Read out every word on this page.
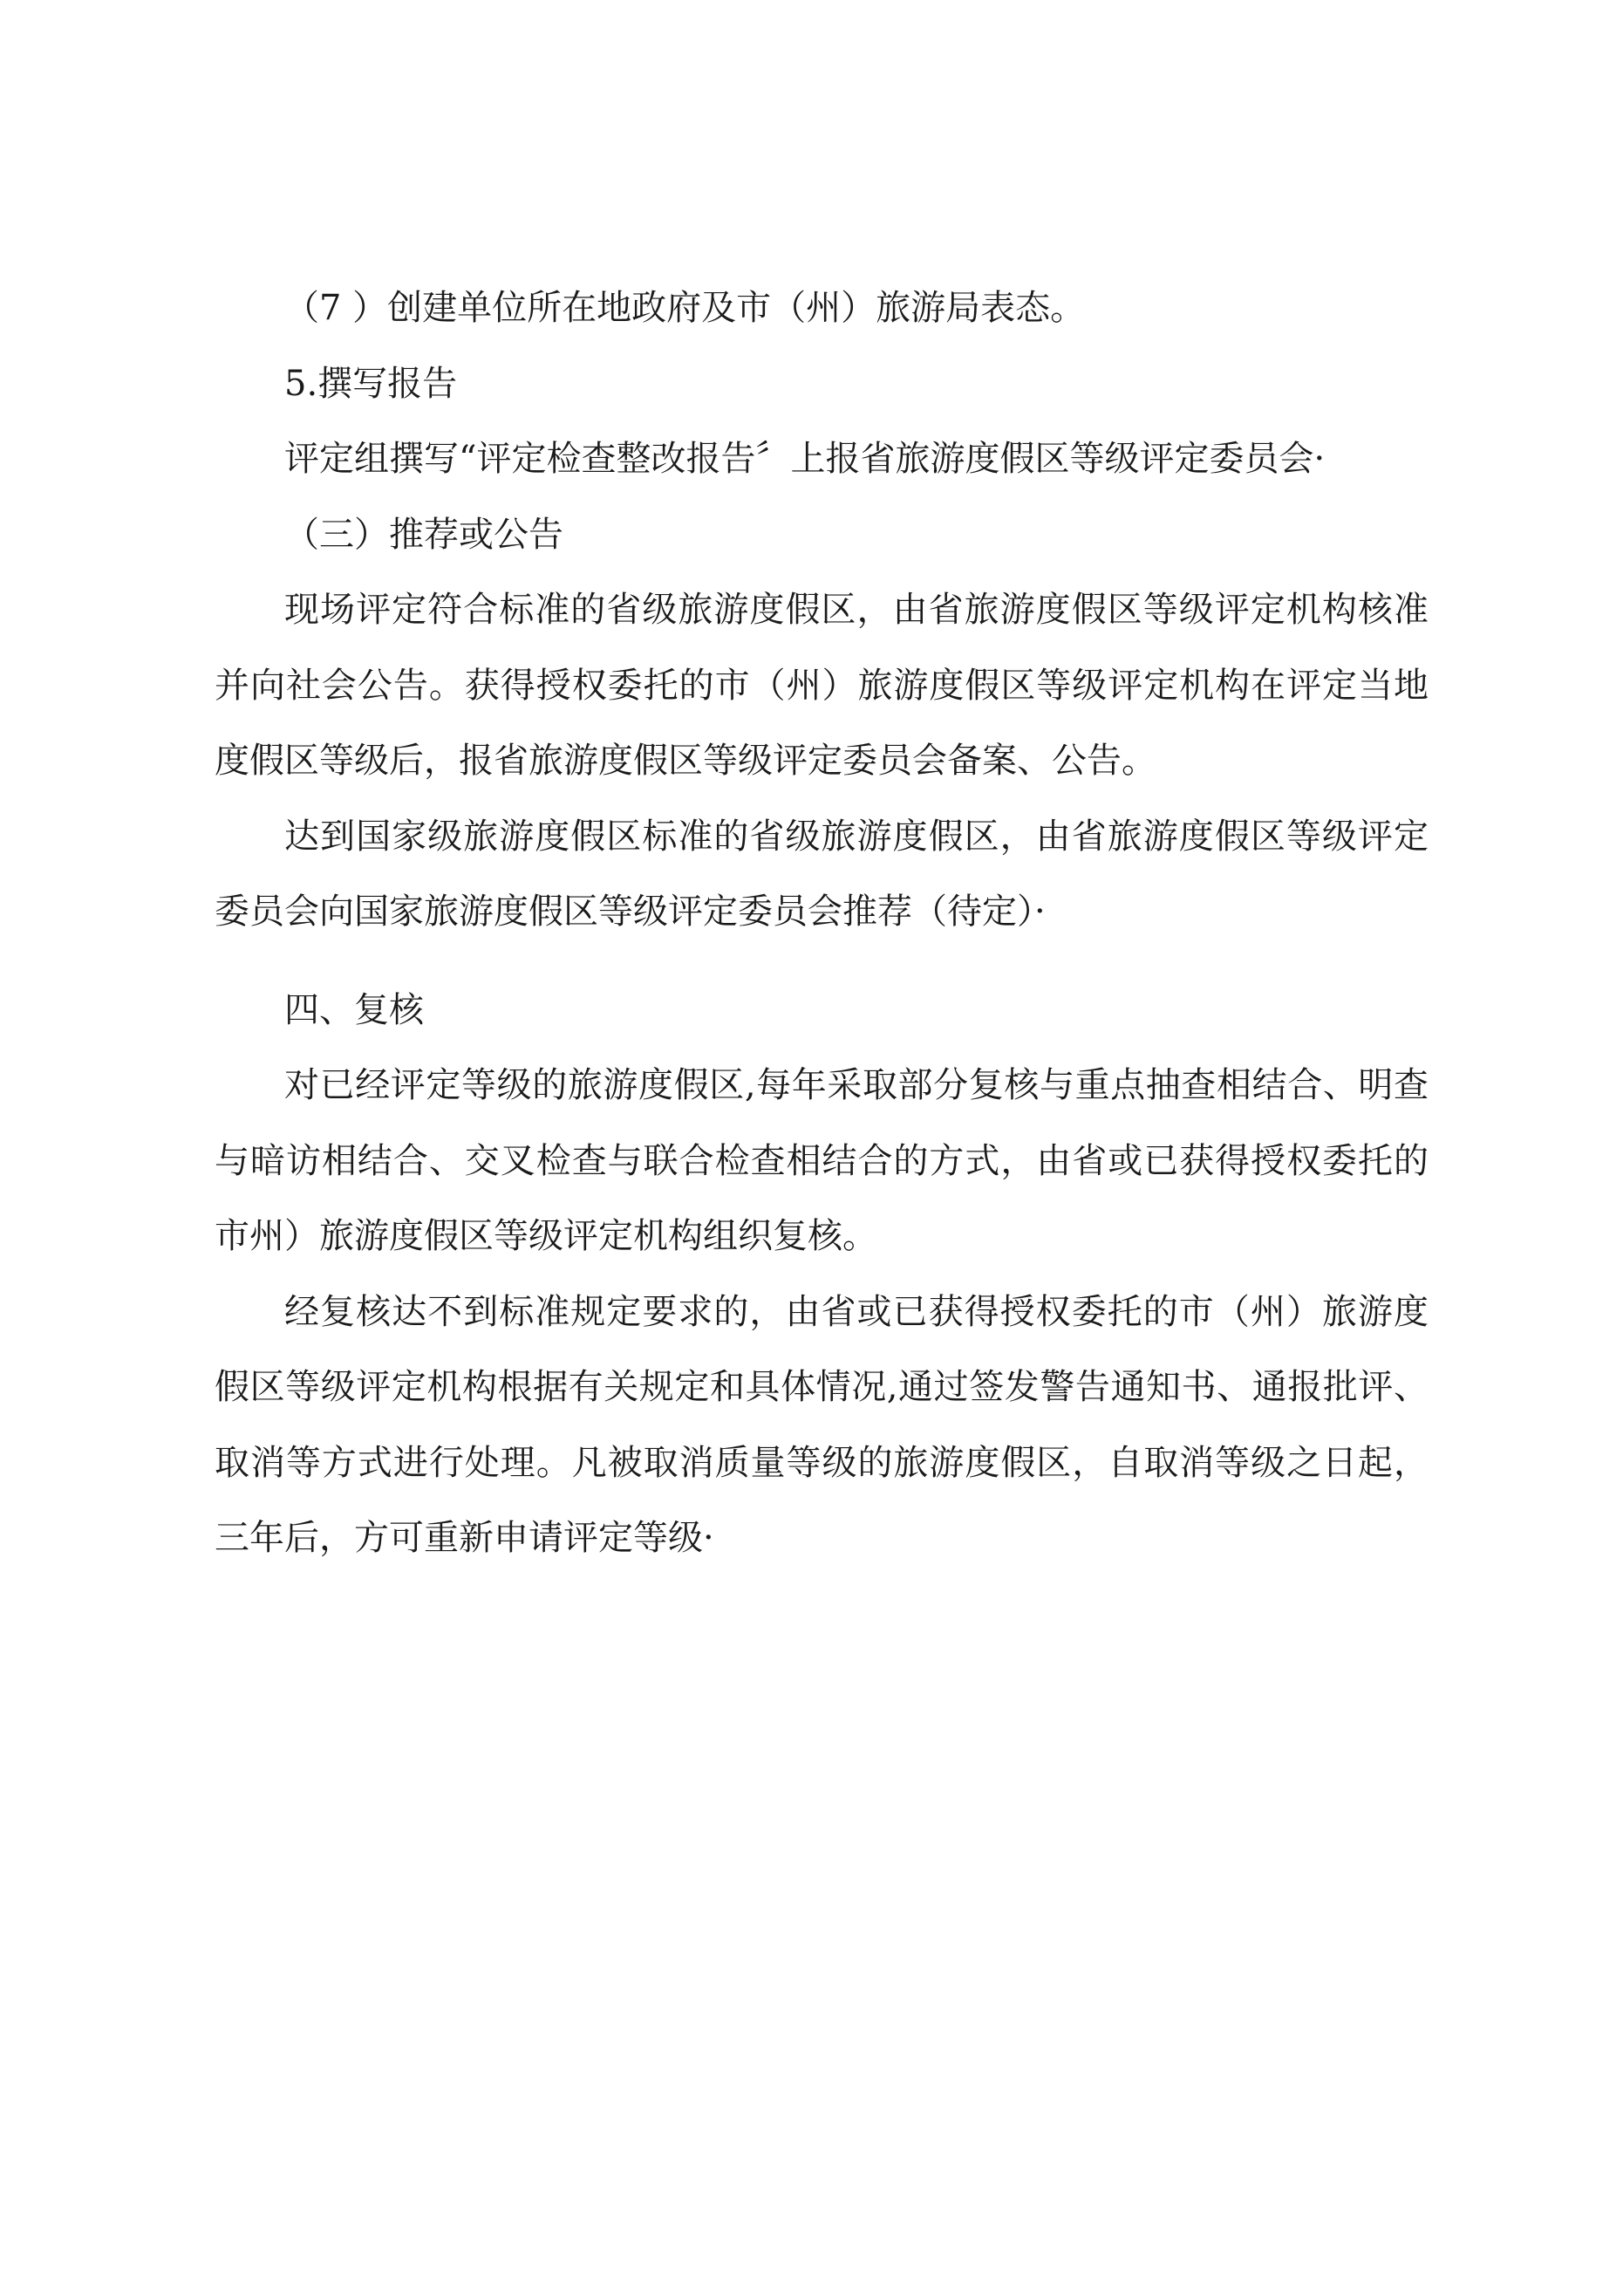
（7 ）创建单位所在地政府及市（州）旅游局表态。

5.撰写报告

评定组撰写“评定检查整改报告〞上报省旅游度假区等级评定委员会·

（三）推荐或公告

现场评定符合标准的省级旅游度假区，由省旅游度假区等级评定机构核准并向社会公告。获得授权委托的市（州）旅游度假区等级评定机构在评定当地度假区等级后，报省旅游度假区等级评定委员会备案、公告。

达到国家级旅游度假区标准的省级旅游度假区，由省旅游度假区等级评定委员会向国家旅游度假区等级评定委员会推荐（待定）·

四、复核

对已经评定等级的旅游度假区,每年采取部分复核与重点抽查相结合、明查与暗访相结合、交叉检查与联合检查相结合的方式，由省或已获得授权委托的市州）旅游度假区等级评定机构组织复核。

经复核达不到标准规定要求的，由省或已获得授权委托的市（州）旅游度假区等级评定机构根据有关规定和具体情况,通过签发警告通知书、通报批评、取消等方式进行处理。凡被取消质量等级的旅游度假区，自取消等级之日起，三年后，方可重新申请评定等级·
